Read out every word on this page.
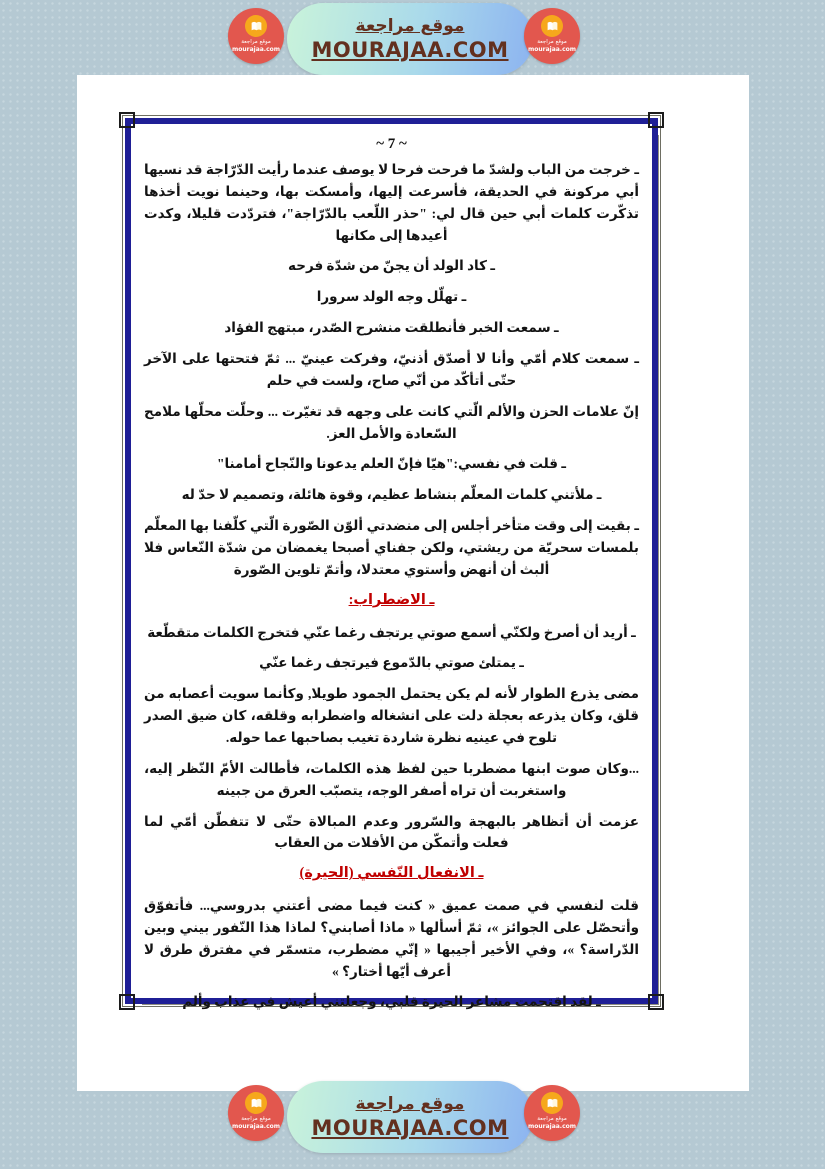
موقع مراجعة
mourajaa.com
موقع مراجعة
MOURAJAA.COM	موقع مراجعة
mourajaa.com
~ 7 ~

ـ خرجت من الباب ولشدّ ما فرحت فرحا لا يوصف عندما رأيت الدّرّاجة قد نسيها أبي مركونة في الحديقة، فأسرعت إليها، وأمسكت بها، وحينما نويت أخذها تذكّرت كلمات أبي حين قال لي: "حذر اللّعب بالدّرّاجة"، فتردّدت قليلا، وكدت أعيدها إلى مكانها

ـ كاد الولد أن يجنّ من شدّة فرحه

ـ تهلّل وجه الولد سرورا

ـ سمعت الخبر فأنطلقت منشرح الصّدر، مبتهج الفؤاد

ـ سمعت كلام أمّي وأنا لا أصدّق أذنيّ، وفركت عينيّ ... ثمّ فتحتها على الآخر حتّى أتأكّد من أنّي صاح، ولست في حلم

إنّ علامات الحزن والألم الّتي كانت على وجهه قد تغيّرت ... وحلّت محلّها ملامح السّعادة والأمل العز.

ـ قلت في نفسي:"هيّا فإنّ العلم يدعونا والنّجاح أمامنا"

ـ ملأتني كلمات المعلّم بنشاط عظيم، وقوة هائلة، وتصميم لا حدّ له

ـ بقيت إلى وقت متأخر أجلس إلى منضدتي ألوّن الصّورة الّتي كلّفنا بها المعلّم بلمسات سحريّة من ريشتي، ولكن جفناي أصبحا يغمضان من شدّة النّعاس فلا ألبث أن أنهض وأستوي معتدلا، وأتمّ تلوين الصّورة

ـ الاضطراب:

ـ أريد أن أصرخ ولكنّي أسمع صوتي يرتجف رغما عنّي فتخرج الكلمات متقطّعة

ـ يمتلئ صوتي بالدّموع فيرتجف رغما عنّي

مضى يذرع الطوار لأنه لم يكن يحتمل الجمود طويلا, وكأنما سويت أعصابه من قلق، وكان يذرعه بعجلة دلت على انشغاله واضطرابه وقلقه، كان ضيق الصدر تلوح في عينيه نظرة شاردة تغيب بصاحبها عما حوله.

...وكان صوت ابنها مضطربا حين لفظ هذه الكلمات، فأطالت الأمّ النّظر إليه، واستغربت أن تراه أصفر الوجه، يتصبّب العرق من جبينه

عزمت أن أتظاهر بالبهجة والسّرور وعدم المبالاة حتّى لا تتفطّن أمّي لما فعلت وأتمكّن من الأفلات من العقاب

ـ الانفعال النّفسي (الحيرة)

قلت لنفسي في صمت عميق « كنت فيما مضى أعتني بدروسي... فأتفوّق وأتحصّل على الجوائز »، ثمّ أسألها « ماذا أصابني؟ لماذا هذا النّفور بيني وبين الدّراسة؟ »، وفي الأخير أجيبها « إنّي مضطرب، متسمّر في مفترق طرق لا أعرف أيّها أختار؟ »

ـ لقد اقتحمت مشاعر الحيرة قلبي، وجعلتني أعيش في عذاب وألم

موقع مراجعة
mourajaa.com
موقع مراجعة
MOURAJAA.COM	موقع مراجعة
mourajaa.com
